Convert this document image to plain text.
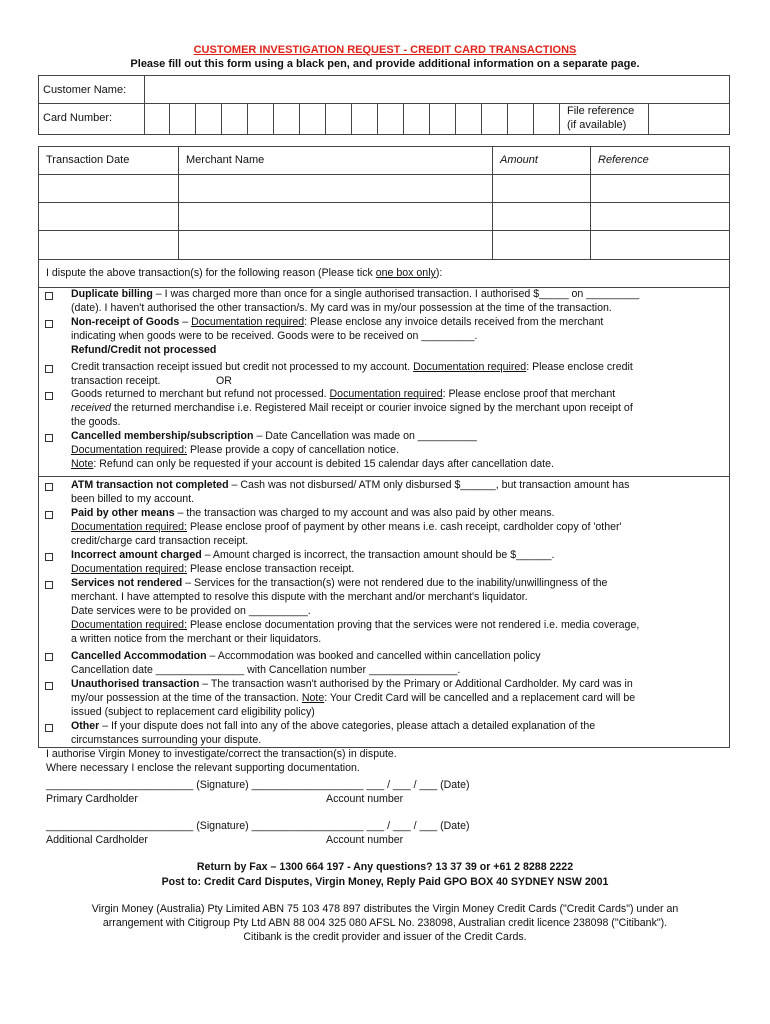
CUSTOMER INVESTIGATION REQUEST - CREDIT CARD TRANSACTIONS
Please fill out this form using a black pen, and provide additional information on a separate page.
Customer Name:
Card Number:
File reference
(if available)
Transaction Date	Merchant Name	Amount	Reference
I dispute the above transaction(s) for the following reason (Please tick one box only):
Duplicate billing – I was charged more than once for a single authorised transaction. I authorised $_____ on _________
(date). I haven't authorised the other transaction/s. My card was in my/our possession at the time of the transaction.
Non-receipt of Goods – Documentation required: Please enclose any invoice details received from the merchant
indicating when goods were to be received. Goods were to be received on _________.
Refund/Credit not processed
Credit transaction receipt issued but credit not processed to my account. Documentation required: Please enclose credit
transaction receipt.	OR
Goods returned to merchant but refund not processed. Documentation required: Please enclose proof that merchant
received the returned merchandise i.e. Registered Mail receipt or courier invoice signed by the merchant upon receipt of
the goods.
Cancelled membership/subscription – Date Cancellation was made on __________
Documentation required: Please provide a copy of cancellation notice.
Note: Refund can only be requested if your account is debited 15 calendar days after cancellation date.
ATM transaction not completed – Cash was not disbursed/ ATM only disbursed $______, but transaction amount has
been billed to my account.
Paid by other means – the transaction was charged to my account and was also paid by other means.
Documentation required: Please enclose proof of payment by other means i.e. cash receipt, cardholder copy of 'other'
credit/charge card transaction receipt.
Incorrect amount charged – Amount charged is incorrect, the transaction amount should be $______.
Documentation required: Please enclose transaction receipt.
Services not rendered – Services for the transaction(s) were not rendered due to the inability/unwillingness of the
merchant. I have attempted to resolve this dispute with the merchant and/or merchant's liquidator.
Date services were to be provided on __________.
Documentation required: Please enclose documentation proving that the services were not rendered i.e. media coverage,
a written notice from the merchant or their liquidators.
Cancelled Accommodation – Accommodation was booked and cancelled within cancellation policy
Cancellation date _______________ with Cancellation number _______________.
Unauthorised transaction – The transaction wasn't authorised by the Primary or Additional Cardholder. My card was in
my/our possession at the time of the transaction. Note: Your Credit Card will be cancelled and a replacement card will be
issued (subject to replacement card eligibility policy)
Other – If your dispute does not fall into any of the above categories, please attach a detailed explanation of the
circumstances surrounding your dispute.
I authorise Virgin Money to investigate/correct the transaction(s) in dispute.
Where necessary I enclose the relevant supporting documentation.
_________________________ (Signature) ___________________ ___ / ___ / ___ (Date)
Primary Cardholder	Account number
_________________________ (Signature) ___________________ ___ / ___ / ___ (Date)
Additional Cardholder	Account number
Return by Fax – 1300 664 197 - Any questions? 13 37 39 or +61 2 8288 2222
Post to: Credit Card Disputes, Virgin Money, Reply Paid GPO BOX 40 SYDNEY NSW 2001
Virgin Money (Australia) Pty Limited ABN 75 103 478 897 distributes the Virgin Money Credit Cards ("Credit Cards") under an
arrangement with Citigroup Pty Ltd ABN 88 004 325 080 AFSL No. 238098, Australian credit licence 238098 ("Citibank").
Citibank is the credit provider and issuer of the Credit Cards.
